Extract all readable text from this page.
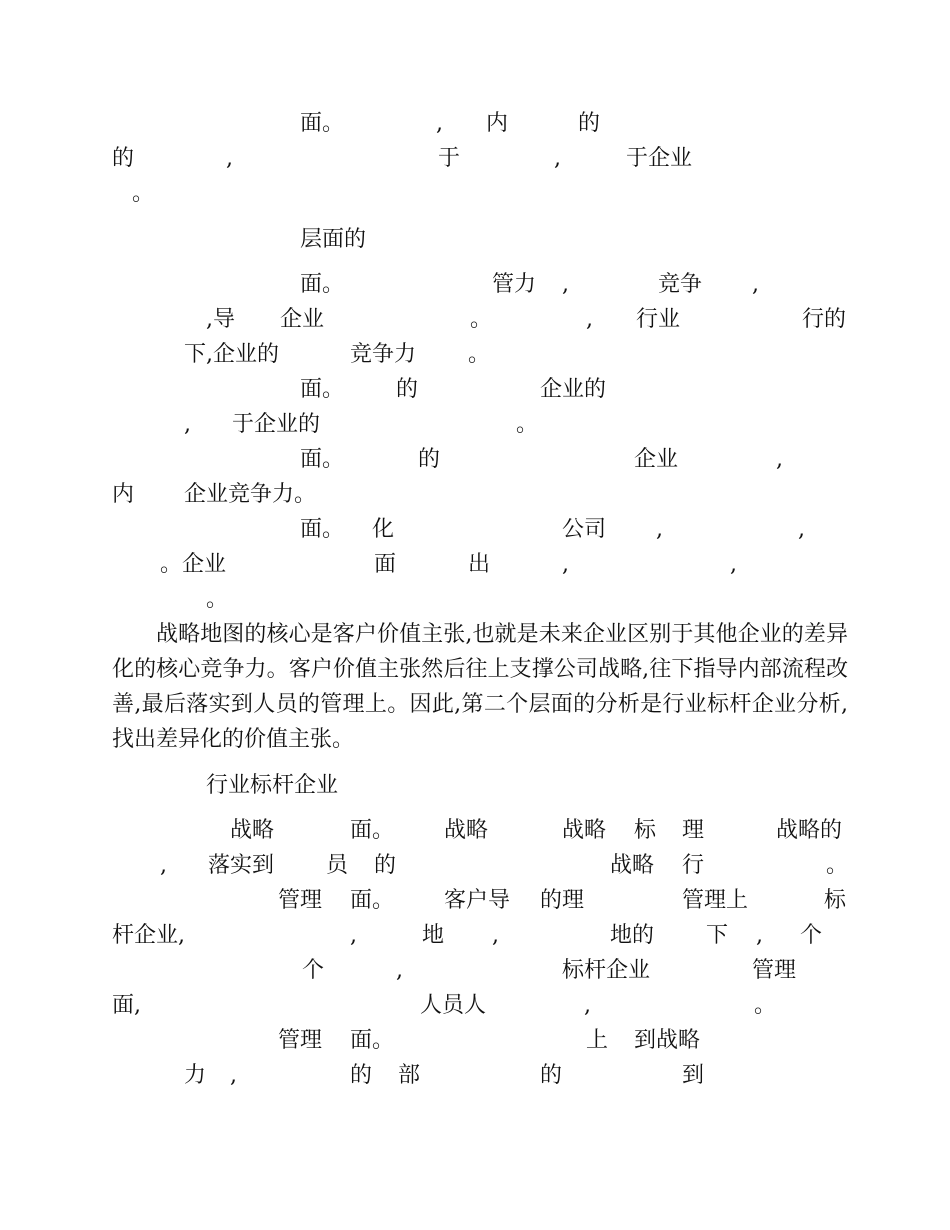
面。	, 内	的
的	,	于	,	于企业
。
层面的
面。	管力 ,	竞争 ,
,导 企业	。	, 行业	行的
下,企业的	竞争力 。
面。 的	企业的
, 于企业的	。
面。	的	企业	,
内 企业竞争力。
面。 化	公司 ,	,
。企业	面	出	,	,
。

战略地图的核心是客户价值主张,也就是未来企业区别于其他企业的差异化的核心竞争力。客户价值主张然后往上支撑公司战略,往下指导内部流程改善,最后落实到人员的管理上。因此,第二个层面的分析是行业标杆企业分析,找出差异化的价值主张。

行业标杆企业
战略	面。 战略	战略 标 理	战略的
, 落实到 员 的	战略 行	。
管理 面。 客户导 的理	管理上	标
杆企业,	,	地 ,	地的 下 , 个
个	,	标杆企业	管理
面,	人员人	,	。
管理 面。	上 到战略
力 ,	的 部	的	到
